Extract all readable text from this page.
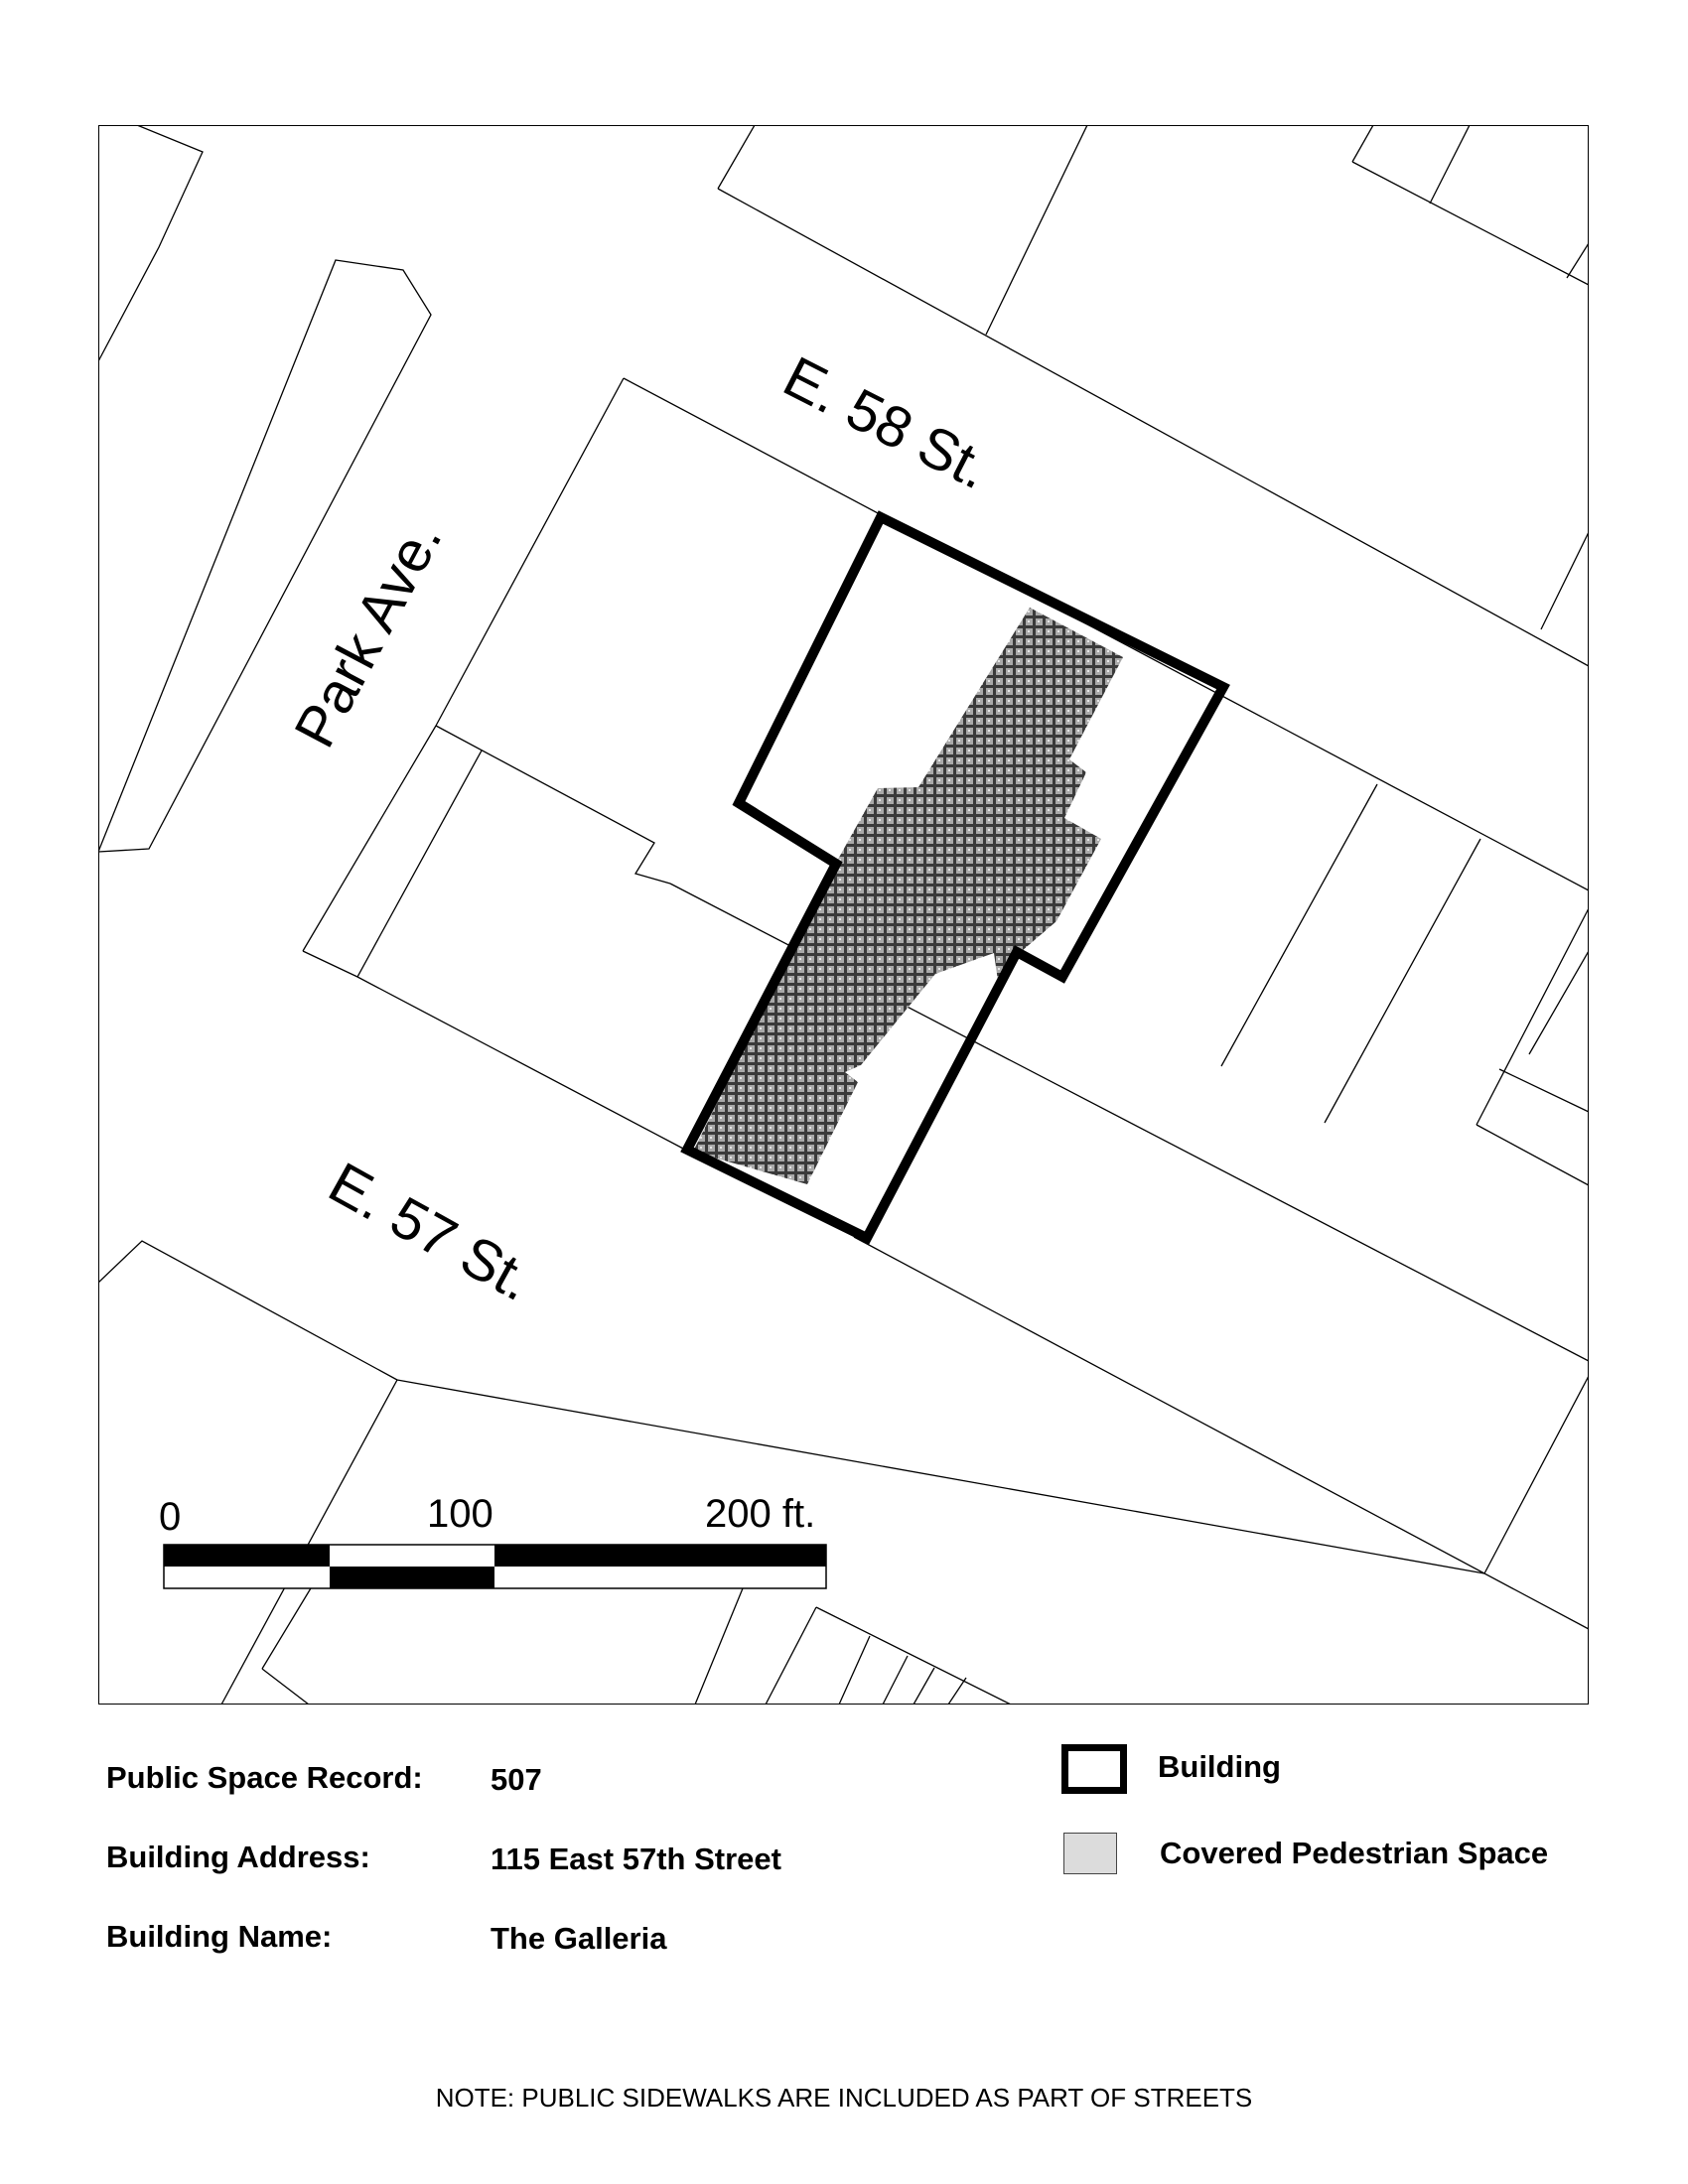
0	100	200 ft.
Park Ave.
E. 58 St.
E. 57 St.
Public Space Record: 507
Building Address:	115 East 57th Street
Building Name:	The Galleria
Building
Covered Pedestrian Space
NOTE: PUBLIC SIDEWALKS ARE INCLUDED AS PART OF STREETS
